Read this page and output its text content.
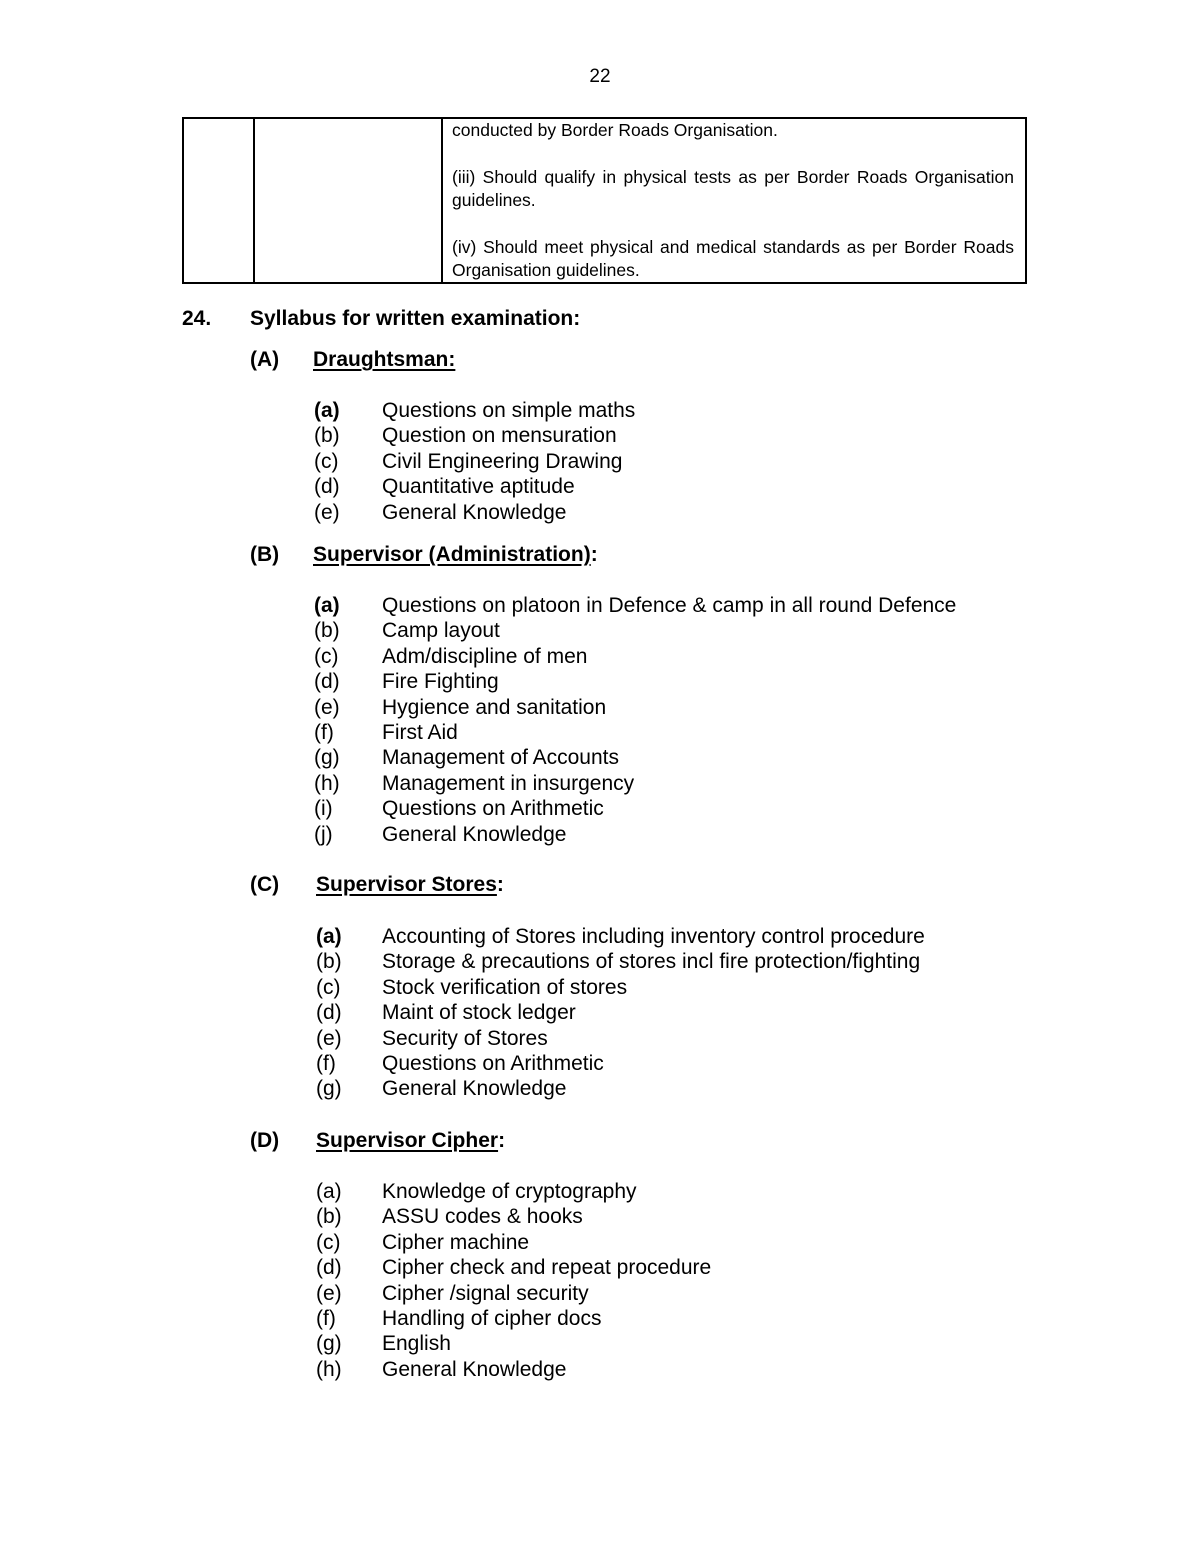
22

conducted by Border Roads Organisation.

(iii) Should qualify in physical tests as per Border Roads Organisation guidelines.

(iv) Should meet physical and medical standards as per Border Roads Organisation guidelines.

24. Syllabus for written examination:
(A) Draughtsman:
(a) Questions on simple maths
(b) Question on mensuration
(c) Civil Engineering Drawing
(d) Quantitative aptitude
(e) General Knowledge
(B) Supervisor (Administration):
(a) Questions on platoon in Defence & camp in all round Defence
(b) Camp layout
(c) Adm/discipline of men
(d) Fire Fighting
(e) Hygience and sanitation
(f) First Aid
(g) Management of Accounts
(h) Management in insurgency
(i) Questions on Arithmetic
(j) General Knowledge
(C) Supervisor Stores:
(a) Accounting of Stores including inventory control procedure
(b) Storage & precautions of stores incl fire protection/fighting
(c) Stock verification of stores
(d) Maint of stock ledger
(e) Security of Stores
(f) Questions on Arithmetic
(g) General Knowledge
(D) Supervisor Cipher:
(a) Knowledge of cryptography
(b) ASSU codes & hooks
(c) Cipher machine
(d) Cipher check and repeat procedure
(e) Cipher /signal security
(f) Handling of cipher docs
(g) English
(h) General Knowledge
